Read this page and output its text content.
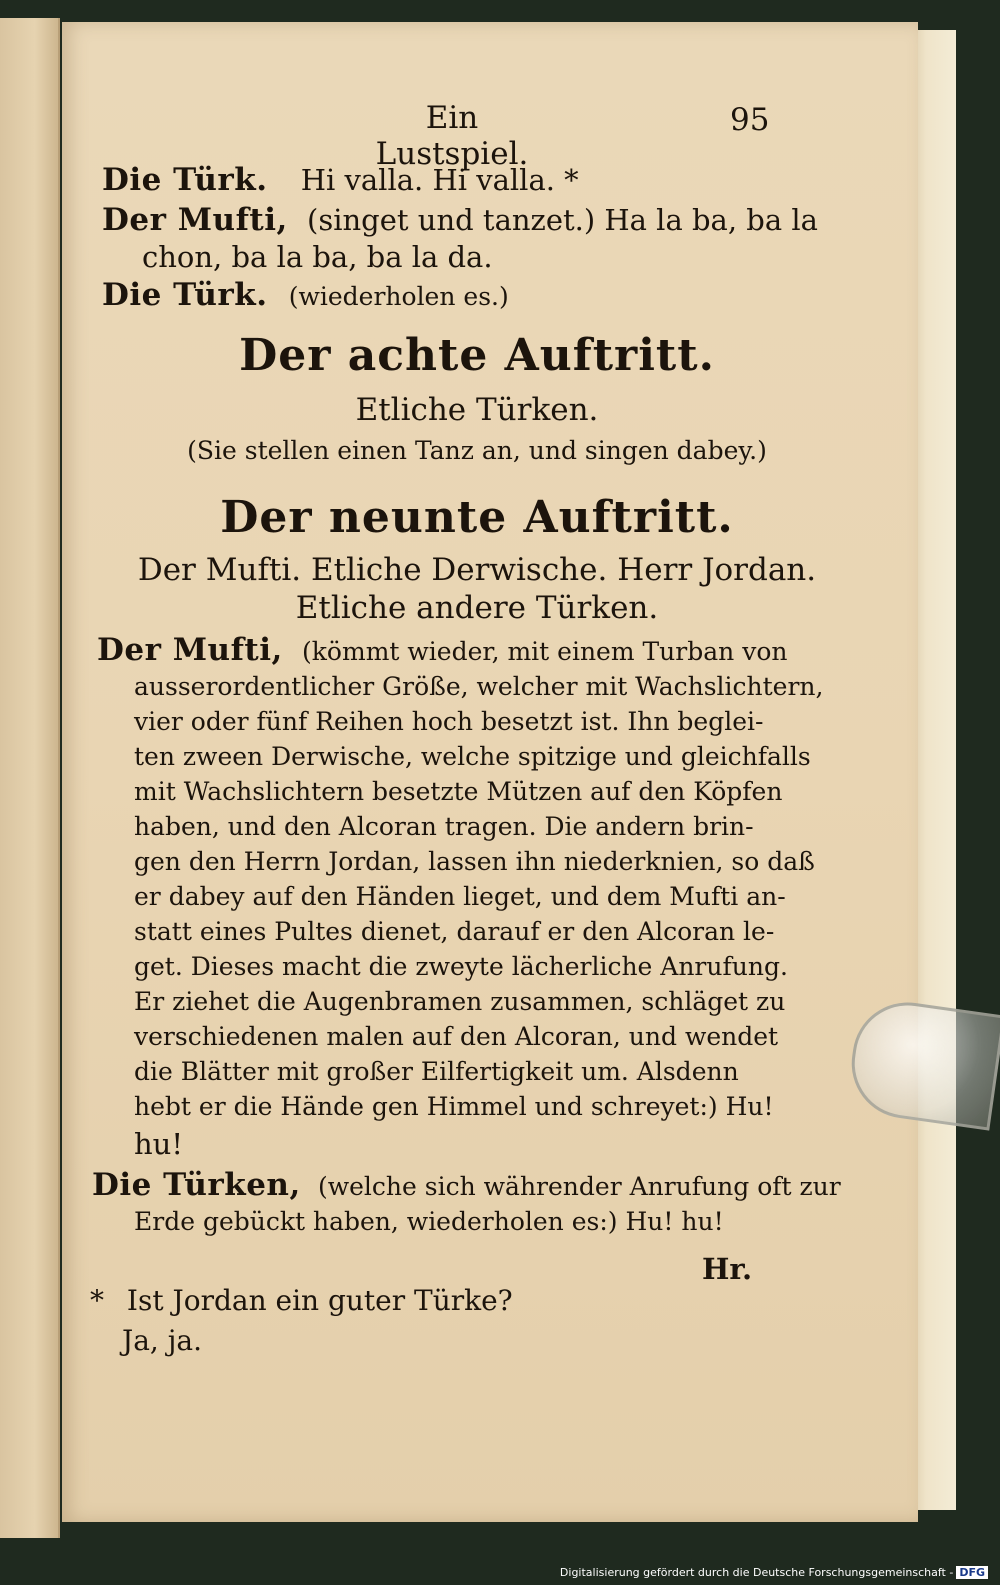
Ein Lustspiel.
95
Die Türk. Hi valla. Hi valla. *
Der Mufti, (singet und tanzet.) Ha la ba, ba la
chon, ba la ba, ba la da.
Die Türk. (wiederholen es.)
Der achte Auftritt.
Etliche Türken.
(Sie stellen einen Tanz an, und singen dabey.)
Der neunte Auftritt.
Der Mufti. Etliche Derwische. Herr Jordan.
Etliche andere Türken.
Der Mufti, (kömmt wieder, mit einem Turban von
ausserordentlicher Größe, welcher mit Wachslichtern,
vier oder fünf Reihen hoch besetzt ist. Ihn beglei-
ten zween Derwische, welche spitzige und gleichfalls
mit Wachslichtern besetzte Mützen auf den Köpfen
haben, und den Alcoran tragen. Die andern brin-
gen den Herrn Jordan, lassen ihn niederknien, so daß
er dabey auf den Händen lieget, und dem Mufti an-
statt eines Pultes dienet, darauf er den Alcoran le-
get. Dieses macht die zweyte lächerliche Anrufung.
Er ziehet die Augenbramen zusammen, schläget zu
verschiedenen malen auf den Alcoran, und wendet
die Blätter mit großer Eilfertigkeit um. Alsdenn
hebt er die Hände gen Himmel und schreyet:) Hu!
hu!
Die Türken, (welche sich währender Anrufung oft zur
Erde gebückt haben, wiederholen es:) Hu! hu!
Hr.
* Ist Jordan ein guter Türke?
Ja, ja.
Digitalisierung gefördert durch die Deutsche Forschungsgemeinschaft - DFG
